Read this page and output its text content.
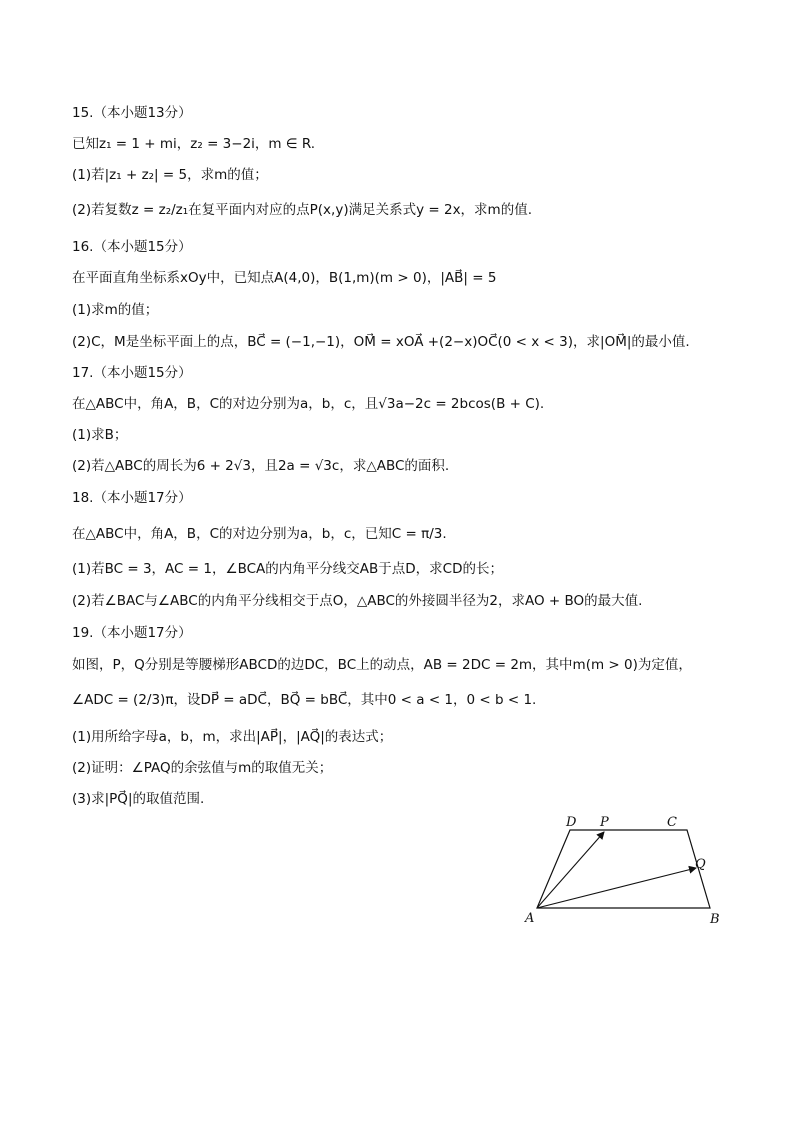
15.（本小题13分）
已知z₁ = 1 + mi，z₂ = 3−2i，m ∈ R.
(1)若|z₁ + z₂| = 5，求m的值；
(2)若复数z = z₂/z₁在复平面内对应的点P(x,y)满足关系式y = 2x，求m的值.
16.（本小题15分）
在平面直角坐标系xOy中，已知点A(4,0)，B(1,m)(m > 0)，|AB⃗| = 5
(1)求m的值；
(2)C，M是坐标平面上的点，BC⃗ = (−1,−1)，OM⃗ = xOA⃗ +(2−x)OC⃗(0 < x < 3)，求|OM⃗|的最小值.
17.（本小题15分）
在△ABC中，角A，B，C的对边分别为a，b，c，且√3a−2c = 2bcos(B + C).
(1)求B；
(2)若△ABC的周长为6 + 2√3，且2a = √3c，求△ABC的面积.
18.（本小题17分）
在△ABC中，角A，B，C的对边分别为a，b，c，已知C = π/3.
(1)若BC = 3，AC = 1，∠BCA的内角平分线交AB于点D，求CD的长；
(2)若∠BAC与∠ABC的内角平分线相交于点O，△ABC的外接圆半径为2，求AO + BO的最大值.
19.（本小题17分）
如图，P，Q分别是等腰梯形ABCD的边DC，BC上的动点，AB = 2DC = 2m，其中m(m > 0)为定值，
∠ADC = (2/3)π，设DP⃗ = aDC⃗，BQ⃗ = bBC⃗，其中0 < a < 1，0 < b < 1.
(1)用所给字母a，b，m，求出|AP⃗|，|AQ⃗|的表达式；
(2)证明：∠PAQ的余弦值与m的取值无关；
(3)求|PQ⃗|的取值范围.
A	B
C
D P
Q
